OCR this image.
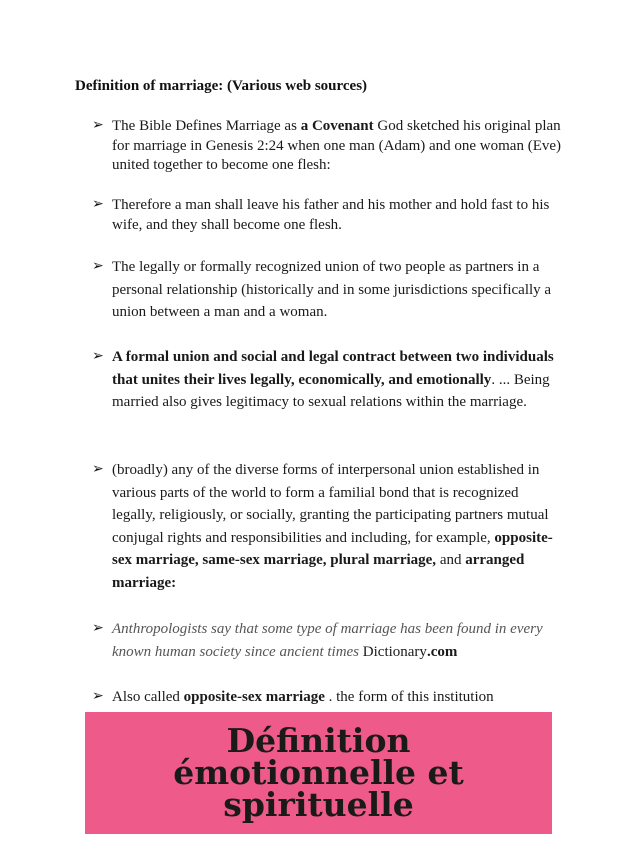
Definition of marriage: (Various web sources)
➢ The Bible Defines Marriage as a Covenant God sketched his original plan for marriage in Genesis 2:24 when one man (Adam) and one woman (Eve) united together to become one flesh:
➢ Therefore a man shall leave his father and his mother and hold fast to his wife, and they shall become one flesh.
➢ The legally or formally recognized union of two people as partners in a personal relationship (historically and in some jurisdictions specifically a union between a man and a woman.
➢ A formal union and social and legal contract between two individuals that unites their lives legally, economically, and emotionally. ... Being married also gives legitimacy to sexual relations within the marriage.
➢ (broadly) any of the diverse forms of interpersonal union established in various parts of the world to form a familial bond that is recognized legally, religiously, or socially, granting the participating partners mutual conjugal rights and responsibilities and including, for example, opposite-sex marriage, same-sex marriage, plural marriage, and arranged marriage:
➢ Anthropologists say that some type of marriage has been found in every known human society since ancient times Dictionary.com
➢ Also called opposite-sex marriage . the form of this institution
Définition émotionnelle et spirituelle
